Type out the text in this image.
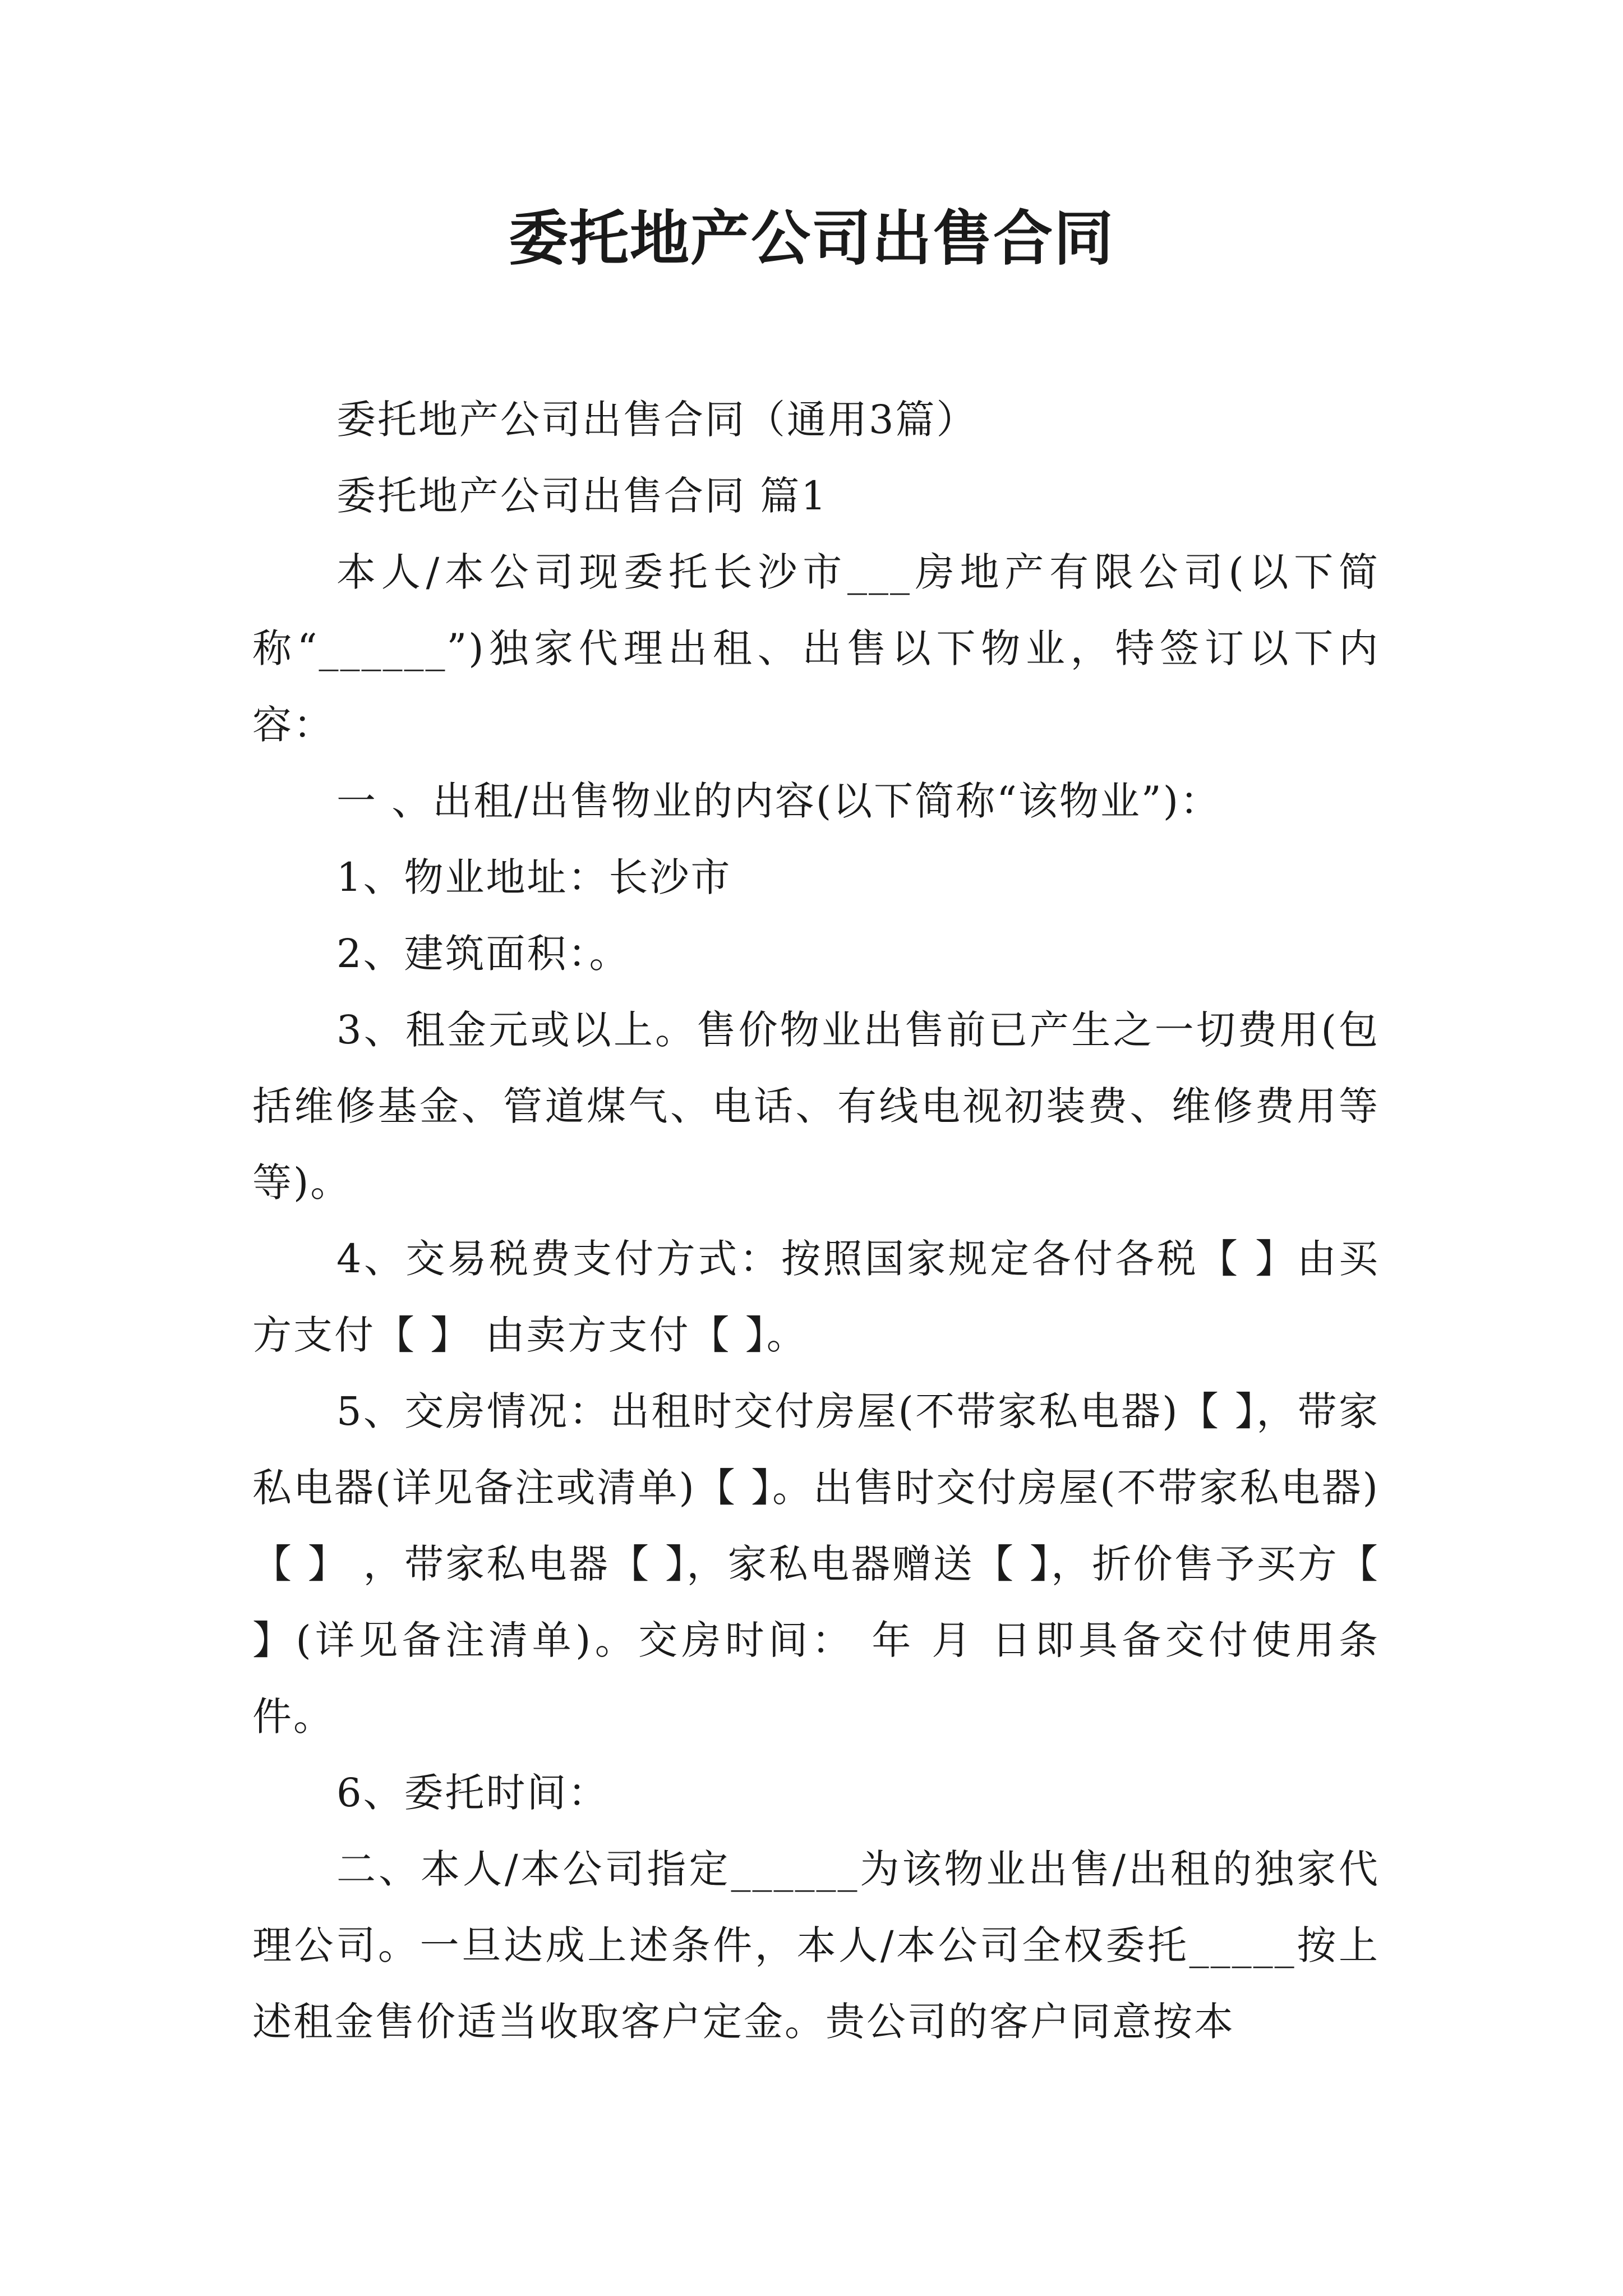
委托地产公司出售合同

委托地产公司出售合同（通用3篇）

委托地产公司出售合同 篇1

本人/本公司现委托长沙市___房地产有限公司(以下简称“______”)独家代理出租、出售以下物业，特签订以下内容：

一 、出租/出售物业的内容(以下简称“该物业”)：

1、物业地址：长沙市

2、建筑面积：。

3、租金元或以上。售价物业出售前已产生之一切费用(包括维修基金、管道煤气、电话、有线电视初装费、维修费用等等)。

4、交易税费支付方式：按照国家规定各付各税【 】由买方支付【 】 由卖方支付【 】。

5、交房情况：出租时交付房屋(不带家私电器)【 】，带家私电器(详见备注或清单)【 】。出售时交付房屋(不带家私电器)【 】 ，带家私电器【 】，家私电器赠送【 】，折价售予买方【 】(详见备注清单)。交房时间： 年 月 日即具备交付使用条件。

6、委托时间：

二、本人/本公司指定______为该物业出售/出租的独家代理公司。一旦达成上述条件，本人/本公司全权委托_____按上述租金售价适当收取客户定金。贵公司的客户同意按本
